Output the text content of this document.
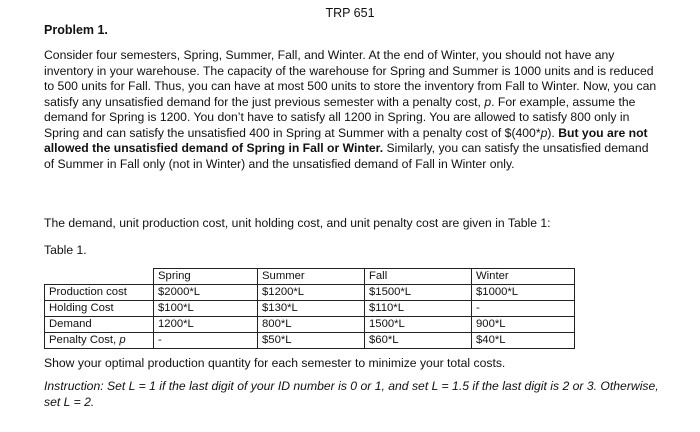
TRP 651
Problem 1.

Consider four semesters, Spring, Summer, Fall, and Winter. At the end of Winter, you should not have any inventory in your warehouse. The capacity of the warehouse for Spring and Summer is 1000 units and is reduced to 500 units for Fall. Thus, you can have at most 500 units to store the inventory from Fall to Winter. Now, you can satisfy any unsatisfied demand for the just previous semester with a penalty cost, p. For example, assume the demand for Spring is 1200. You don’t have to satisfy all 1200 in Spring. You are allowed to satisfy 800 only in Spring and can satisfy the unsatisfied 400 in Spring at Summer with a penalty cost of $(400*p). But you are not allowed the unsatisfied demand of Spring in Fall or Winter. Similarly, you can satisfy the unsatisfied demand of Summer in Fall only (not in Winter) and the unsatisfied demand of Fall in Winter only.

The demand, unit production cost, unit holding cost, and unit penalty cost are given in Table 1:
Table 1.
	Spring	Summer	Fall	Winter
Production cost	$2000*L	$1200*L	$1500*L	$1000*L
Holding Cost	$100*L	$130*L	$110*L	-
Demand	1200*L	800*L	1500*L	900*L
Penalty Cost, p	-	$50*L	$60*L	$40*L
Show your optimal production quantity for each semester to minimize your total costs.

Instruction: Set L = 1 if the last digit of your ID number is 0 or 1, and set L = 1.5 if the last digit is 2 or 3. Otherwise, set L = 2.
